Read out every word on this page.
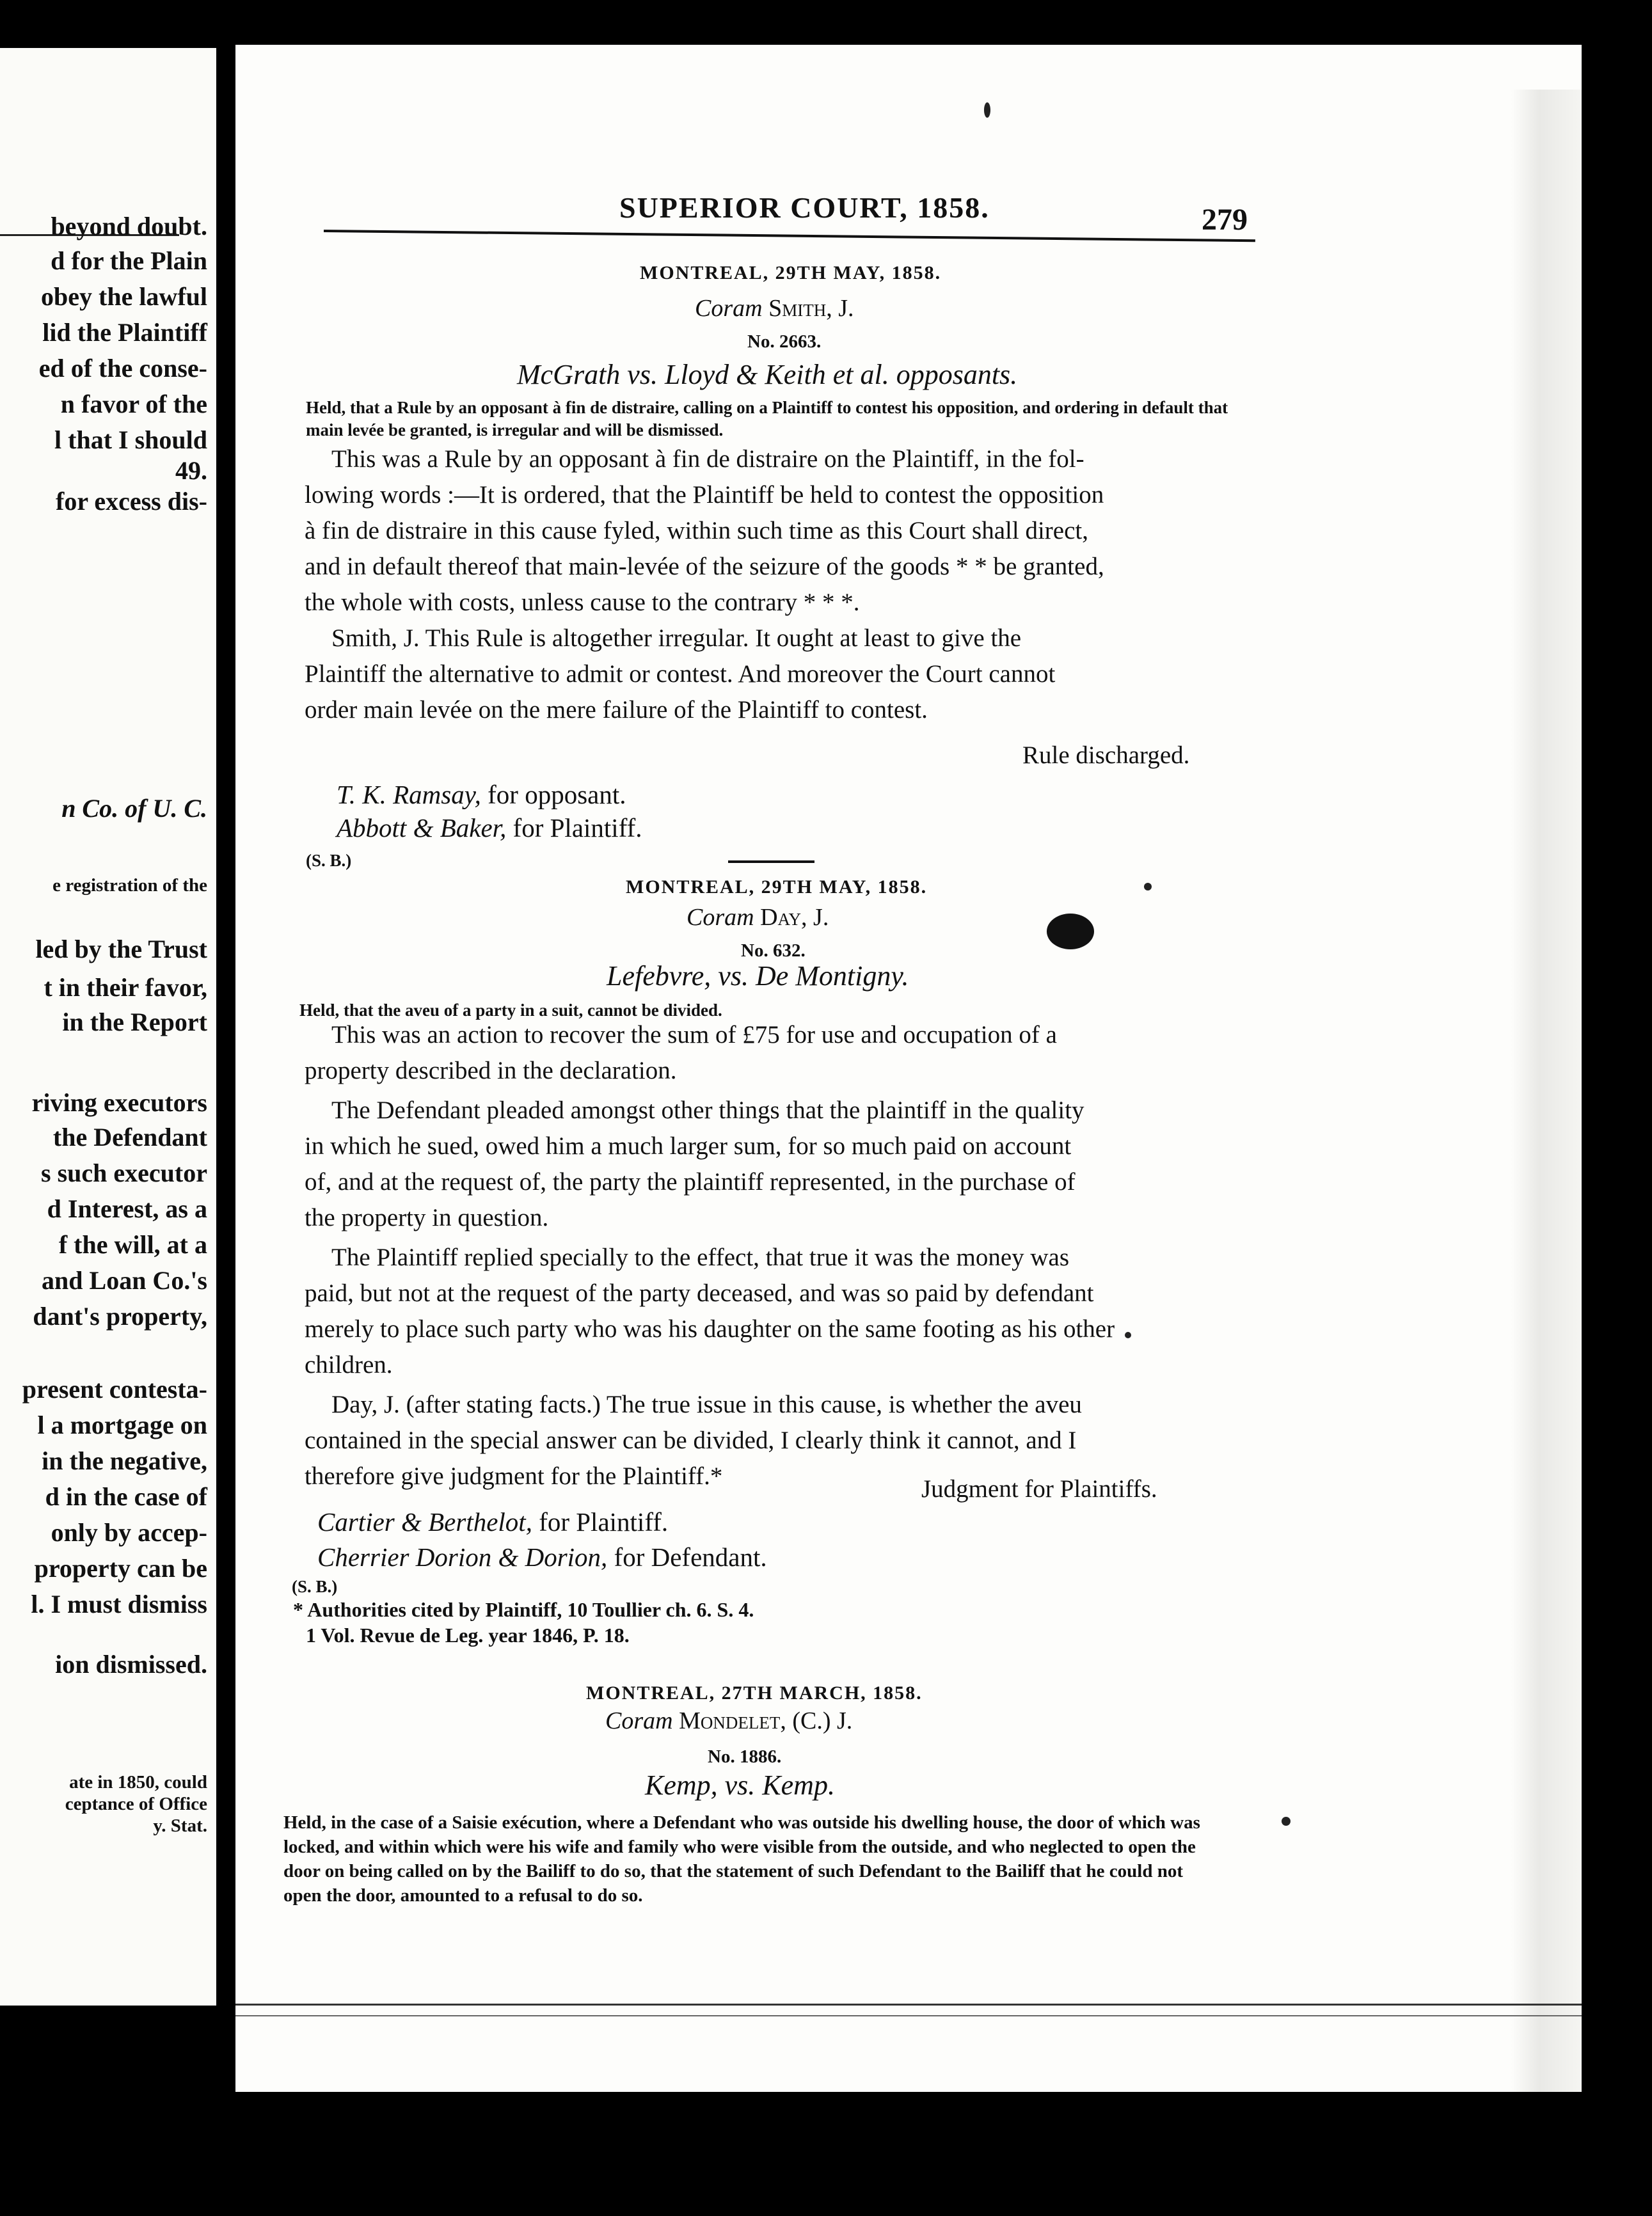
beyond doubt.
d for the Plain
obey the lawful
lid the Plaintiff
ed of the conse-
n favor of the
l that I should
49.
for excess dis-
n Co. of U. C.
e registration of the
led by the Trust
t in their favor,
in the Report
riving executors
the Defendant
s such executor
d Interest, as a
f the will, at a
and Loan Co.'s
dant's property,
present contesta-
l a mortgage on
in the negative,
d in the case of
only by accep-
property can be
l. I must dismiss
ion dismissed.
ate in 1850, could
ceptance of Office
y. Stat.
SUPERIOR COURT, 1858.	279
MONTREAL, 29TH MAY, 1858.
Coram Smith, J.
No. 2663.
McGrath vs. Lloyd & Keith et al. opposants.
Held, that a Rule by an opposant à fin de distraire, calling on a Plaintiff to contest his opposition, and ordering in default that main levée be granted, is irregular and will be dismissed.
This was a Rule by an opposant à fin de distraire on the Plaintiff, in the fol-
lowing words :—It is ordered, that the Plaintiff be held to contest the opposition
à fin de distraire in this cause fyled, within such time as this Court shall direct,
and in default thereof that main-levée of the seizure of the goods * * be granted,
the whole with costs, unless cause to the contrary * * *.
Smith, J. This Rule is altogether irregular. It ought at least to give the
Plaintiff the alternative to admit or contest. And moreover the Court cannot
order main levée on the mere failure of the Plaintiff to contest.
Rule discharged.
T. K. Ramsay, for opposant.
Abbott & Baker, for Plaintiff.
(S. B.)
MONTREAL, 29TH MAY, 1858.
Coram Day, J.
No. 632.
Lefebvre, vs. De Montigny.
Held, that the aveu of a party in a suit, cannot be divided.
This was an action to recover the sum of £75 for use and occupation of a
property described in the declaration.
The Defendant pleaded amongst other things that the plaintiff in the quality
in which he sued, owed him a much larger sum, for so much paid on account
of, and at the request of, the party the plaintiff represented, in the purchase of
the property in question.
The Plaintiff replied specially to the effect, that true it was the money was
paid, but not at the request of the party deceased, and was so paid by defendant
merely to place such party who was his daughter on the same footing as his other
children.
Day, J. (after stating facts.) The true issue in this cause, is whether the aveu
contained in the special answer can be divided, I clearly think it cannot, and I
therefore give judgment for the Plaintiff.*	Judgment for Plaintiffs.
Cartier & Berthelot, for Plaintiff.
Cherrier Dorion & Dorion, for Defendant.
(S. B.)
* Authorities cited by Plaintiff, 10 Toullier ch. 6. S. 4.
1 Vol. Revue de Leg. year 1846, P. 18.
MONTREAL, 27TH MARCH, 1858.
Coram Mondelet, (C.) J.
No. 1886.
Kemp, vs. Kemp.
Held, in the case of a Saisie exécution, where a Defendant who was outside his dwelling house, the door of which was locked, and within which were his wife and family who were visible from the outside, and who neglected to open the door on being called on by the Bailiff to do so, that the statement of such Defendant to the Bailiff that he could not open the door, amounted to a refusal to do so.
